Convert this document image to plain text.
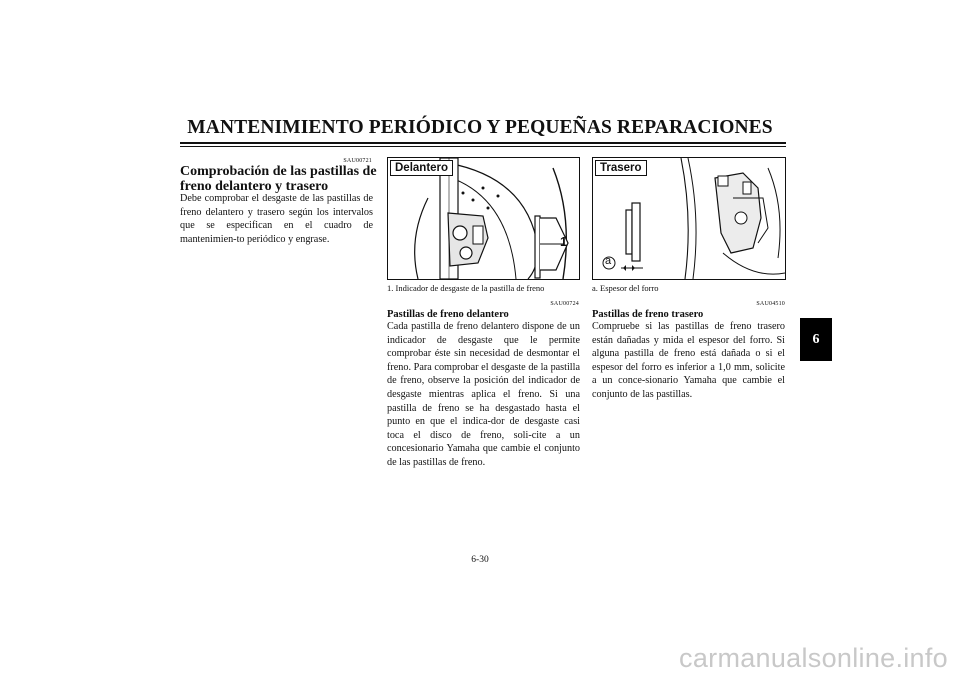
MANTENIMIENTO PERIÓDICO Y PEQUEÑAS REPARACIONES
SAU00721
Comprobación de las pastillas de freno delantero y trasero
Debe comprobar el desgaste de las pastillas de freno delantero y trasero según los intervalos que se especifican en el cuadro de mantenimien-to periódico y engrase.
Delantero
1
1. Indicador de desgaste de la pastilla de freno
SAU00724
Pastillas de freno delantero
Cada pastilla de freno delantero dispone de un indicador de desgaste que le permite comprobar éste sin necesidad de desmontar el freno. Para comprobar el desgaste de la pastilla de freno, observe la posición del indicador de desgaste mientras aplica el freno. Si una pastilla de freno se ha desgastado hasta el punto en que el indica-dor de desgaste casi toca el disco de freno, soli-cite a un concesionario Yamaha que cambie el conjunto de las pastillas de freno.
Trasero
a
a. Espesor del forro
SAU04510
Pastillas de freno trasero
Compruebe si las pastillas de freno trasero están dañadas y mida el espesor del forro. Si alguna pastilla de freno está dañada o si el espesor del forro es inferior a 1,0 mm, solicite a un conce-sionario Yamaha que cambie el conjunto de las pastillas.
6
6-30
carmanualsonline.info
